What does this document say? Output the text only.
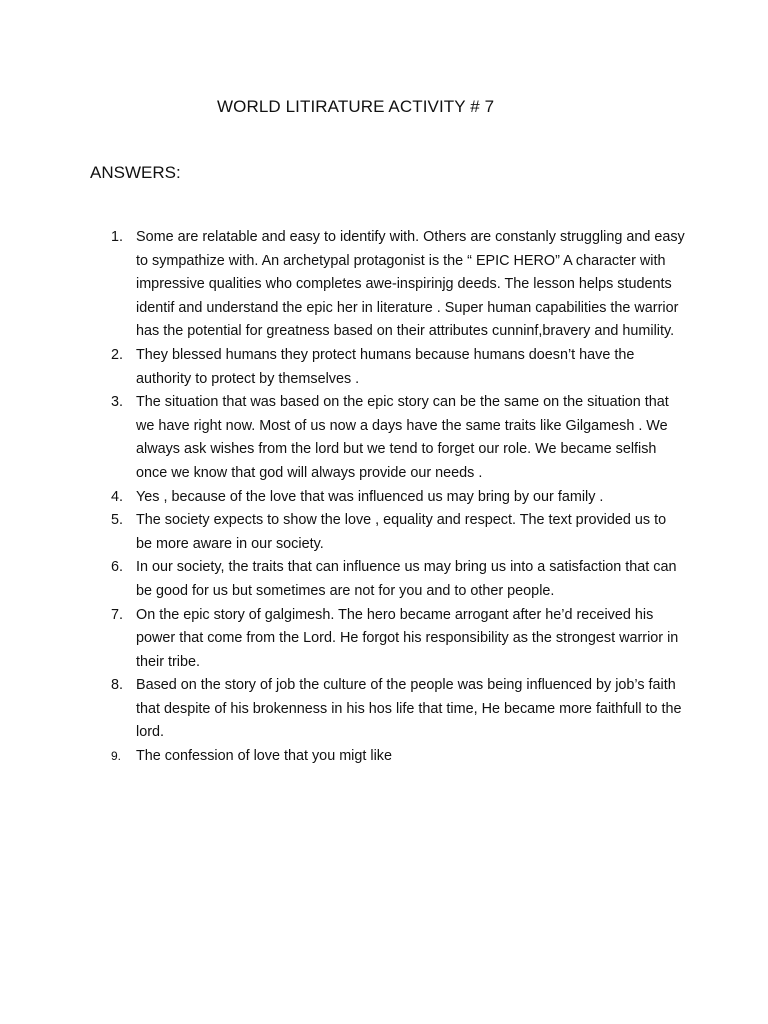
WORLD LITIRATURE ACTIVITY # 7
ANSWERS:
1. Some are relatable and easy to identify with. Others are constanly struggling and easy to sympathize with. An archetypal protagonist is the “ EPIC HERO” A character with impressive qualities who completes awe-inspirinjg deeds. The lesson helps students identif and understand the epic her in literature . Super human capabilities the warrior has the potential for greatness based on their attributes cunninf,bravery and humility.
2. They blessed humans they protect humans because humans doesn’t have the authority to protect by themselves .
3. The situation that was based on the epic story can be the same on the situation that we have right now. Most of us now a days have the same traits like Gilgamesh . We always ask wishes from the lord but we tend to forget our role. We became selfish once we know that god will always provide our needs .
4. Yes , because of the love that was influenced us may bring by our family .
5. The society expects to show the love , equality and respect. The text provided us to be more aware in our society.
6. In our society, the traits that can influence us may bring us into a satisfaction that can be good for us but sometimes are not for you and to other people.
7. On the epic story of galgimesh. The hero became arrogant after he’d received his power that come from the Lord. He forgot his responsibility as the strongest warrior in their tribe.
8. Based on the story of job the culture of the people was being influenced by job’s faith that despite of his brokenness in his hos life that time, He became more faithfull to the lord.
9.	The confession of love that you migt like
